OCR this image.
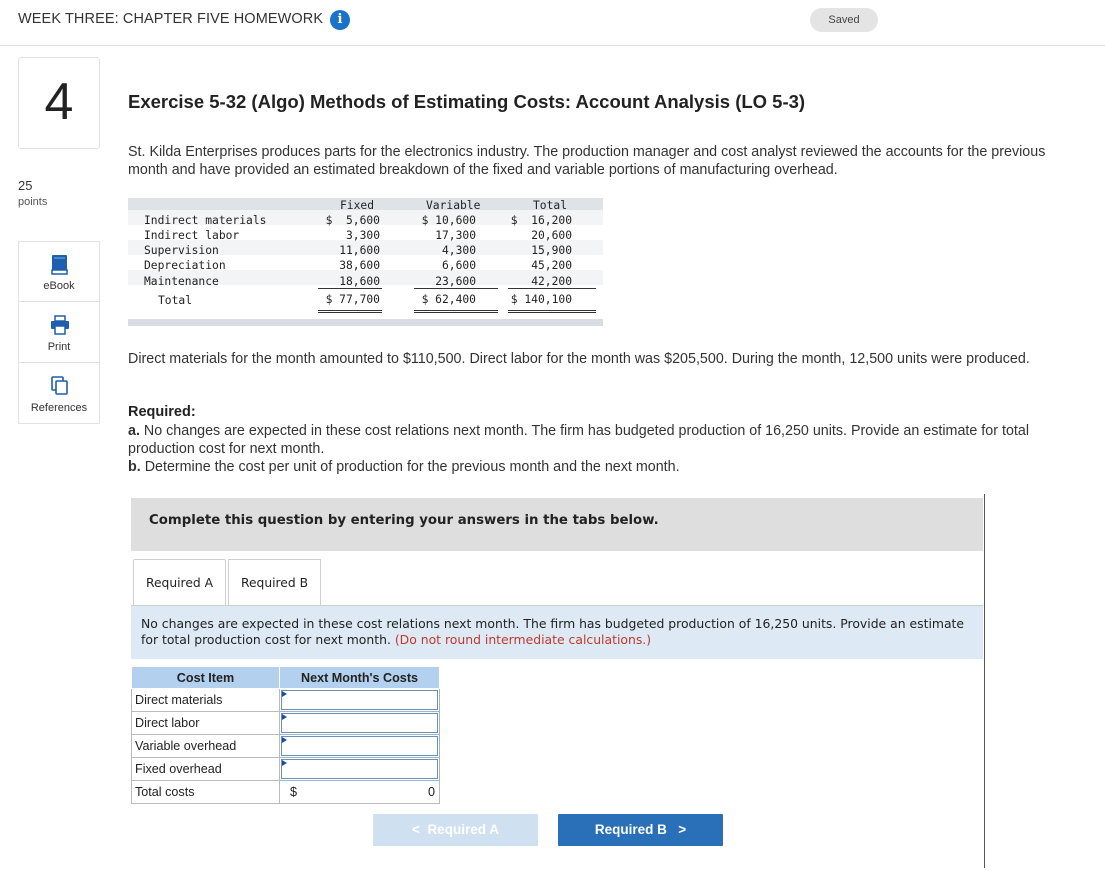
WEEK THREE: CHAPTER FIVE HOMEWORK	i	Saved
4
25
points
eBook
Print
References
Exercise 5-32 (Algo) Methods of Estimating Costs: Account Analysis (LO 5-3)
St. Kilda Enterprises produces parts for the electronics industry. The production manager and cost analyst reviewed the accounts for the previous month and have provided an estimated breakdown of the fixed and variable portions of manufacturing overhead.
Fixed	Variable	Total
Indirect materials	$  5,600	$ 10,600	$  16,200
Indirect labor	3,300	17,300	20,600
Supervision	11,600	4,300	15,900
Depreciation	38,600	6,600	45,200
Maintenance	18,600	23,600	42,200
Total	$ 77,700	$ 62,400	$ 140,100
Direct materials for the month amounted to $110,500. Direct labor for the month was $205,500. During the month, 12,500 units were produced.
Required:
a. No changes are expected in these cost relations next month. The firm has budgeted production of 16,250 units. Provide an estimate for total production cost for next month.
b. Determine the cost per unit of production for the previous month and the next month.
Complete this question by entering your answers in the tabs below.
Required A	Required B
No changes are expected in these cost relations next month. The firm has budgeted production of 16,250 units. Provide an estimate for total production cost for next month. (Do not round intermediate calculations.)
Cost Item	Next Month's Costs
Direct materials	

Direct labor	

Variable overhead	

Fixed overhead	

Total costs	$ 0
<  Required A	Required B   >
